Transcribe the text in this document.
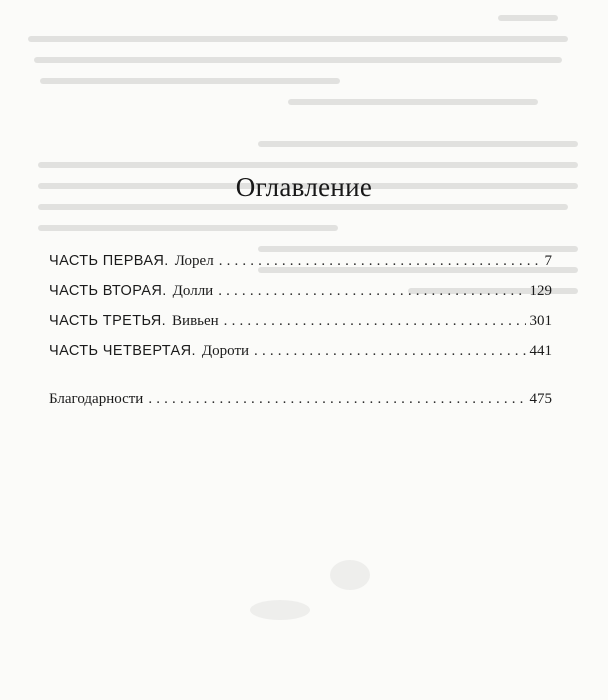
Оглавление
ЧАСТЬ ПЕРВАЯ. Лорел . . .	7
ЧАСТЬ ВТОРАЯ. Долли . . .	129
ЧАСТЬ ТРЕТЬЯ. Вивьен . . .	301
ЧАСТЬ ЧЕТВЕРТАЯ. Дороти . . .	441
Благодарности . . .	475
